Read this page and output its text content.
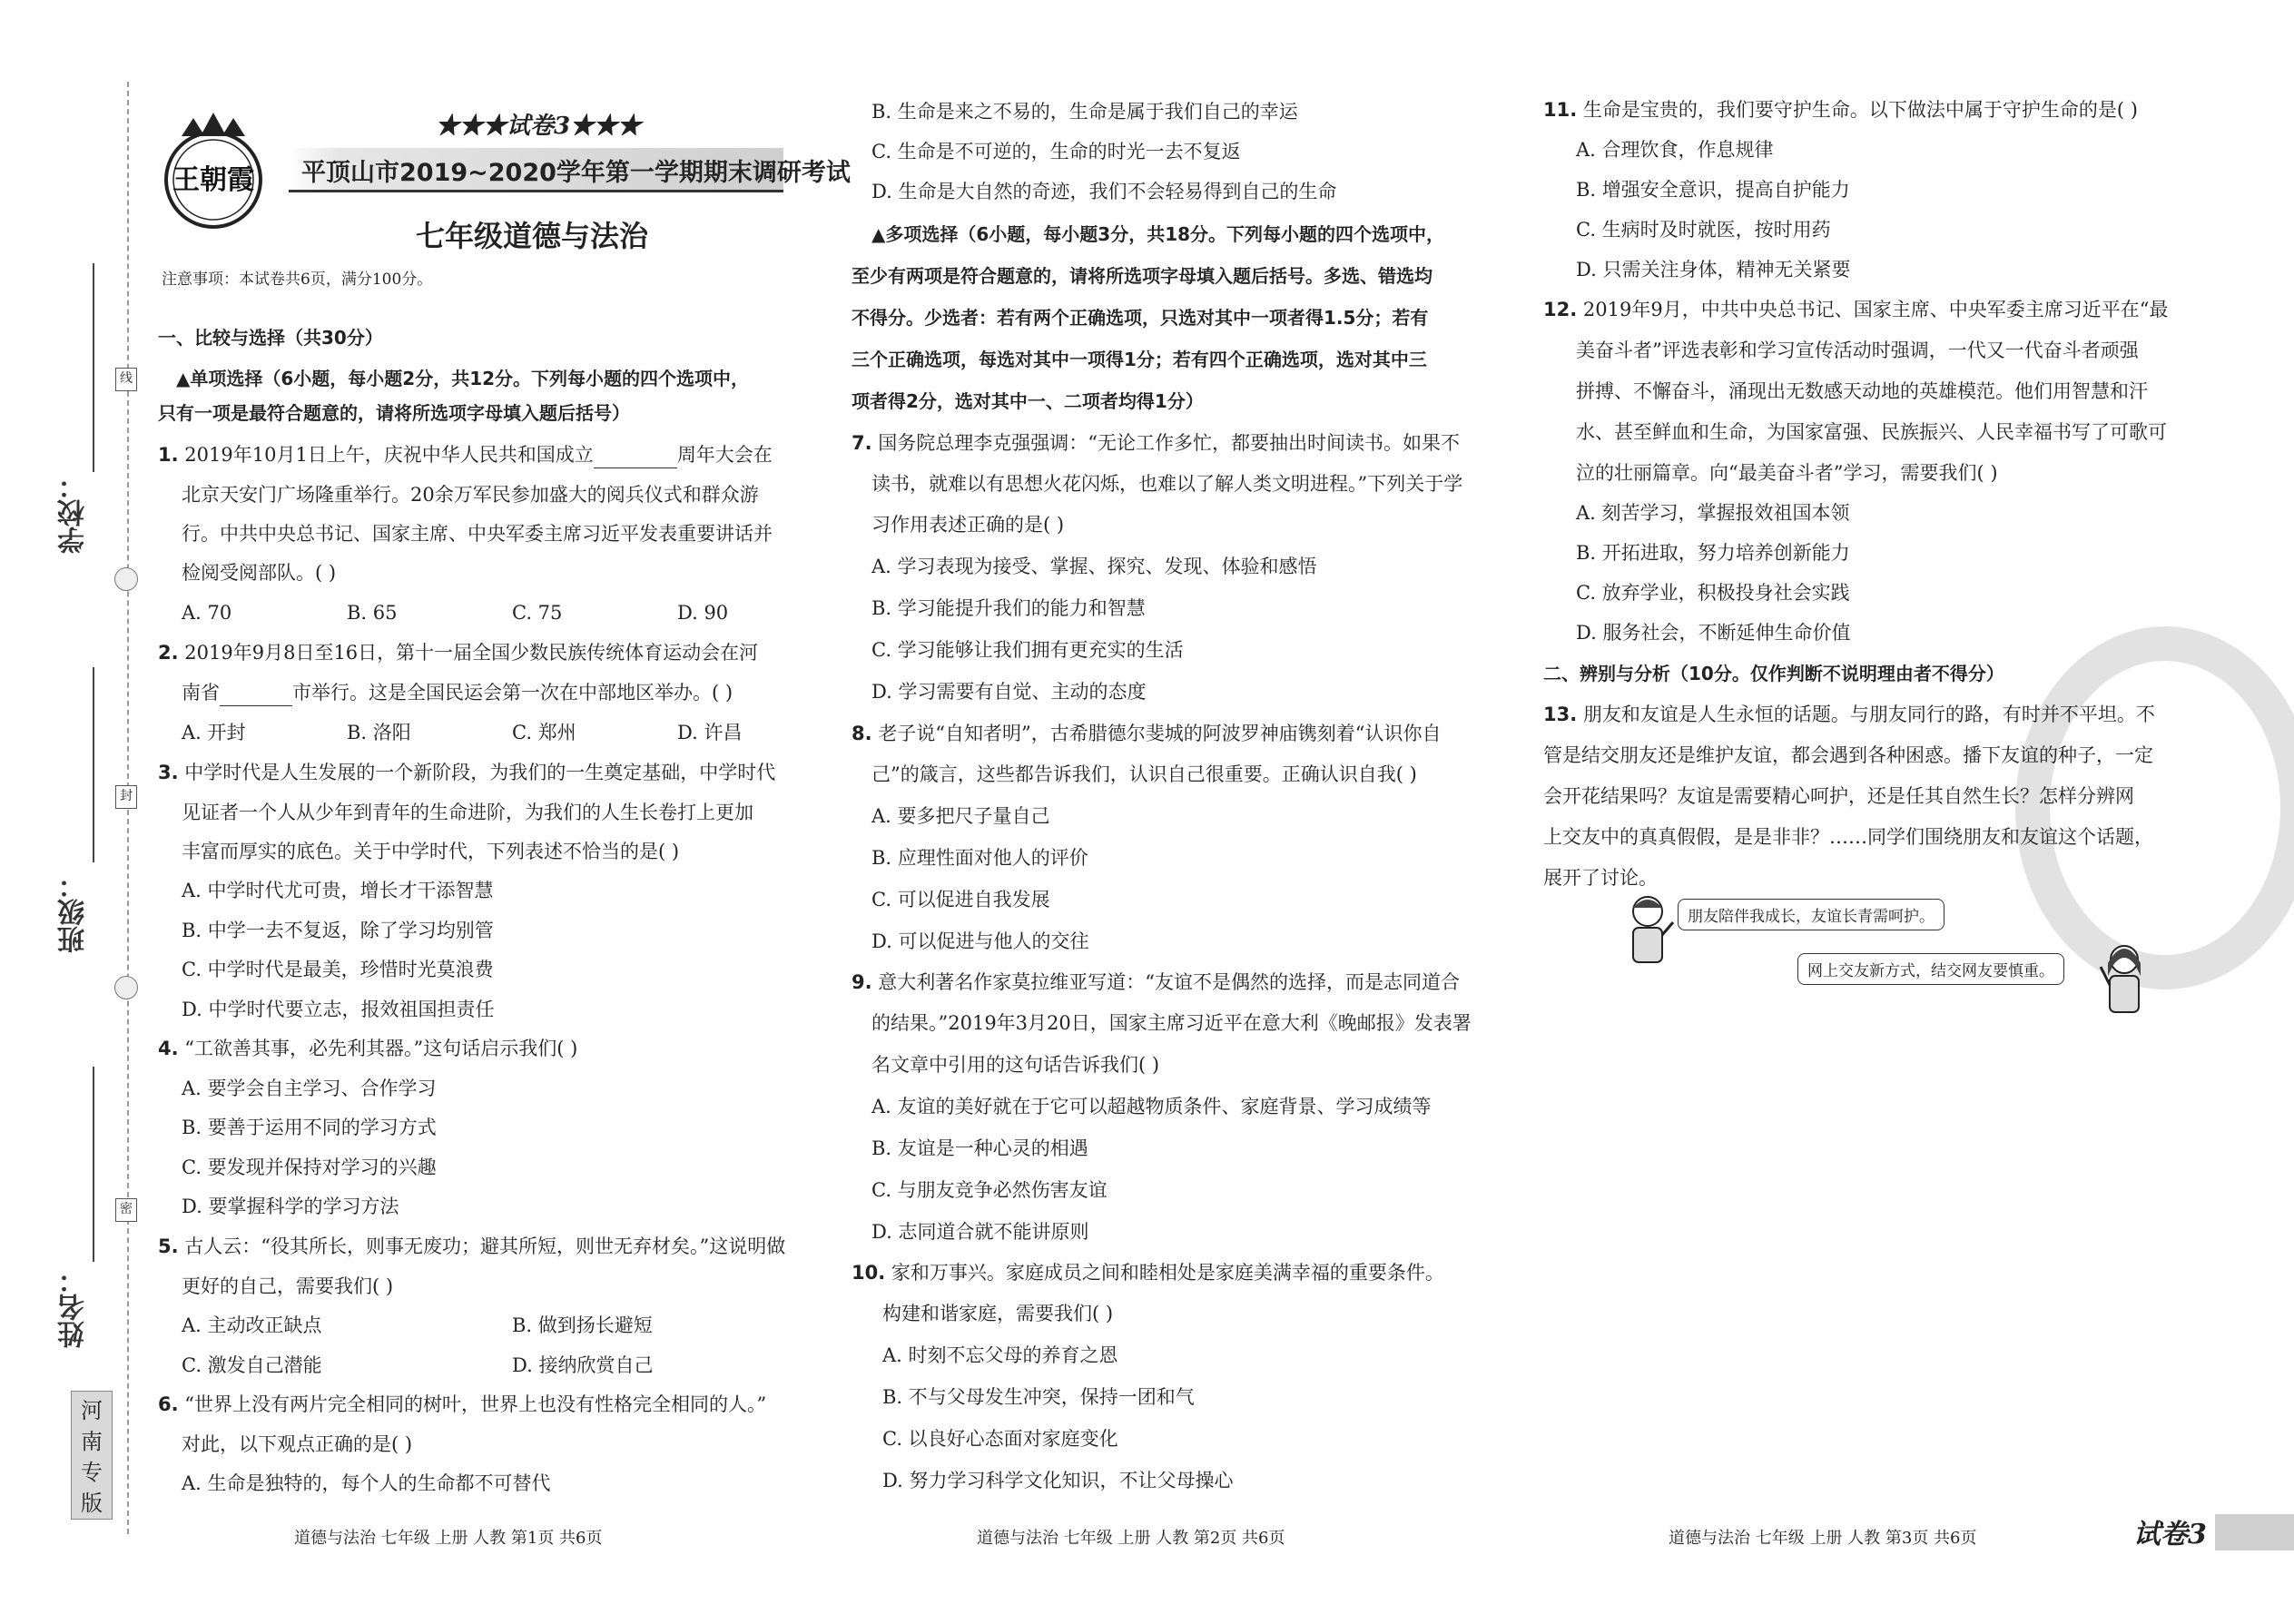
线
封
密
学校：
班级：
姓名：
河南专版
王朝霞
★★★试卷3★★★
平顶山市2019~2020学年第一学期期末调研考试
七年级道德与法治
注意事项：本试卷共6页，满分100分。
一、比较与选择（共30分）
▲单项选择（6小题，每小题2分，共12分。下列每小题的四个选项中，
只有一项是最符合题意的，请将所选项字母填入题后括号）
1. 2019年10月1日上午，庆祝中华人民共和国成立	周年大会在
北京天安门广场隆重举行。20余万军民参加盛大的阅兵仪式和群众游
行。中共中央总书记、国家主席、中央军委主席习近平发表重要讲话并
检阅受阅部队。( )
A. 70	B. 65	C. 75	D. 90
2. 2019年9月8日至16日，第十一届全国少数民族传统体育运动会在河
南省	市举行。这是全国民运会第一次在中部地区举办。( )
A. 开封	B. 洛阳	C. 郑州	D. 许昌
3. 中学时代是人生发展的一个新阶段，为我们的一生奠定基础，中学时代
见证者一个人从少年到青年的生命进阶，为我们的人生长卷打上更加
丰富而厚实的底色。关于中学时代，下列表述不恰当的是( )
A. 中学时代尤可贵，增长才干添智慧
B. 中学一去不复返，除了学习均别管
C. 中学时代是最美，珍惜时光莫浪费
D. 中学时代要立志，报效祖国担责任
4. “工欲善其事，必先利其器。”这句话启示我们( )
A. 要学会自主学习、合作学习
B. 要善于运用不同的学习方式
C. 要发现并保持对学习的兴趣
D. 要掌握科学的学习方法
5. 古人云：“役其所长，则事无废功；避其所短，则世无弃材矣。”这说明做
更好的自己，需要我们( )
A. 主动改正缺点	B. 做到扬长避短
C. 激发自己潜能	D. 接纳欣赏自己
6. “世界上没有两片完全相同的树叶，世界上也没有性格完全相同的人。”
对此，以下观点正确的是( )
A. 生命是独特的，每个人的生命都不可替代
道德与法治 七年级 上册 人教 第1页 共6页
B. 生命是来之不易的，生命是属于我们自己的幸运
C. 生命是不可逆的，生命的时光一去不复返
D. 生命是大自然的奇迹，我们不会轻易得到自己的生命
▲多项选择（6小题，每小题3分，共18分。下列每小题的四个选项中，
至少有两项是符合题意的，请将所选项字母填入题后括号。多选、错选均
不得分。少选者：若有两个正确选项，只选对其中一项者得1.5分；若有
三个正确选项，每选对其中一项得1分；若有四个正确选项，选对其中三
项者得2分，选对其中一、二项者均得1分）
7. 国务院总理李克强强调：“无论工作多忙，都要抽出时间读书。如果不
读书，就难以有思想火花闪烁，也难以了解人类文明进程。”下列关于学
习作用表述正确的是( )
A. 学习表现为接受、掌握、探究、发现、体验和感悟
B. 学习能提升我们的能力和智慧
C. 学习能够让我们拥有更充实的生活
D. 学习需要有自觉、主动的态度
8. 老子说“自知者明”，古希腊德尔斐城的阿波罗神庙镌刻着“认识你自
己”的箴言，这些都告诉我们，认识自己很重要。正确认识自我( )
A. 要多把尺子量自己
B. 应理性面对他人的评价
C. 可以促进自我发展
D. 可以促进与他人的交往
9. 意大利著名作家莫拉维亚写道：“友谊不是偶然的选择，而是志同道合
的结果。”2019年3月20日，国家主席习近平在意大利《晚邮报》发表署
名文章中引用的这句话告诉我们( )
A. 友谊的美好就在于它可以超越物质条件、家庭背景、学习成绩等
B. 友谊是一种心灵的相遇
C. 与朋友竞争必然伤害友谊
D. 志同道合就不能讲原则
10. 家和万事兴。家庭成员之间和睦相处是家庭美满幸福的重要条件。
构建和谐家庭，需要我们( )
A. 时刻不忘父母的养育之恩
B. 不与父母发生冲突，保持一团和气
C. 以良好心态面对家庭变化
D. 努力学习科学文化知识，不让父母操心
道德与法治 七年级 上册 人教 第2页 共6页
11. 生命是宝贵的，我们要守护生命。以下做法中属于守护生命的是( )
A. 合理饮食，作息规律
B. 增强安全意识，提高自护能力
C. 生病时及时就医，按时用药
D. 只需关注身体，精神无关紧要
12. 2019年9月，中共中央总书记、国家主席、中央军委主席习近平在“最
美奋斗者”评选表彰和学习宣传活动时强调，一代又一代奋斗者顽强
拼搏、不懈奋斗，涌现出无数感天动地的英雄模范。他们用智慧和汗
水、甚至鲜血和生命，为国家富强、民族振兴、人民幸福书写了可歌可
泣的壮丽篇章。向“最美奋斗者”学习，需要我们( )
A. 刻苦学习，掌握报效祖国本领
B. 开拓进取，努力培养创新能力
C. 放弃学业，积极投身社会实践
D. 服务社会，不断延伸生命价值
二、辨别与分析（10分。仅作判断不说明理由者不得分）
13. 朋友和友谊是人生永恒的话题。与朋友同行的路，有时并不平坦。不
管是结交朋友还是维护友谊，都会遇到各种困惑。播下友谊的种子，一定
会开花结果吗？友谊是需要精心呵护，还是任其自然生长？怎样分辨网
上交友中的真真假假，是是非非？……同学们围绕朋友和友谊这个话题，
展开了讨论。
朋友陪伴我成长，友谊长青需呵护。
网上交友新方式，结交网友要慎重。
道德与法治 七年级 上册 人教 第3页 共6页	试卷3
